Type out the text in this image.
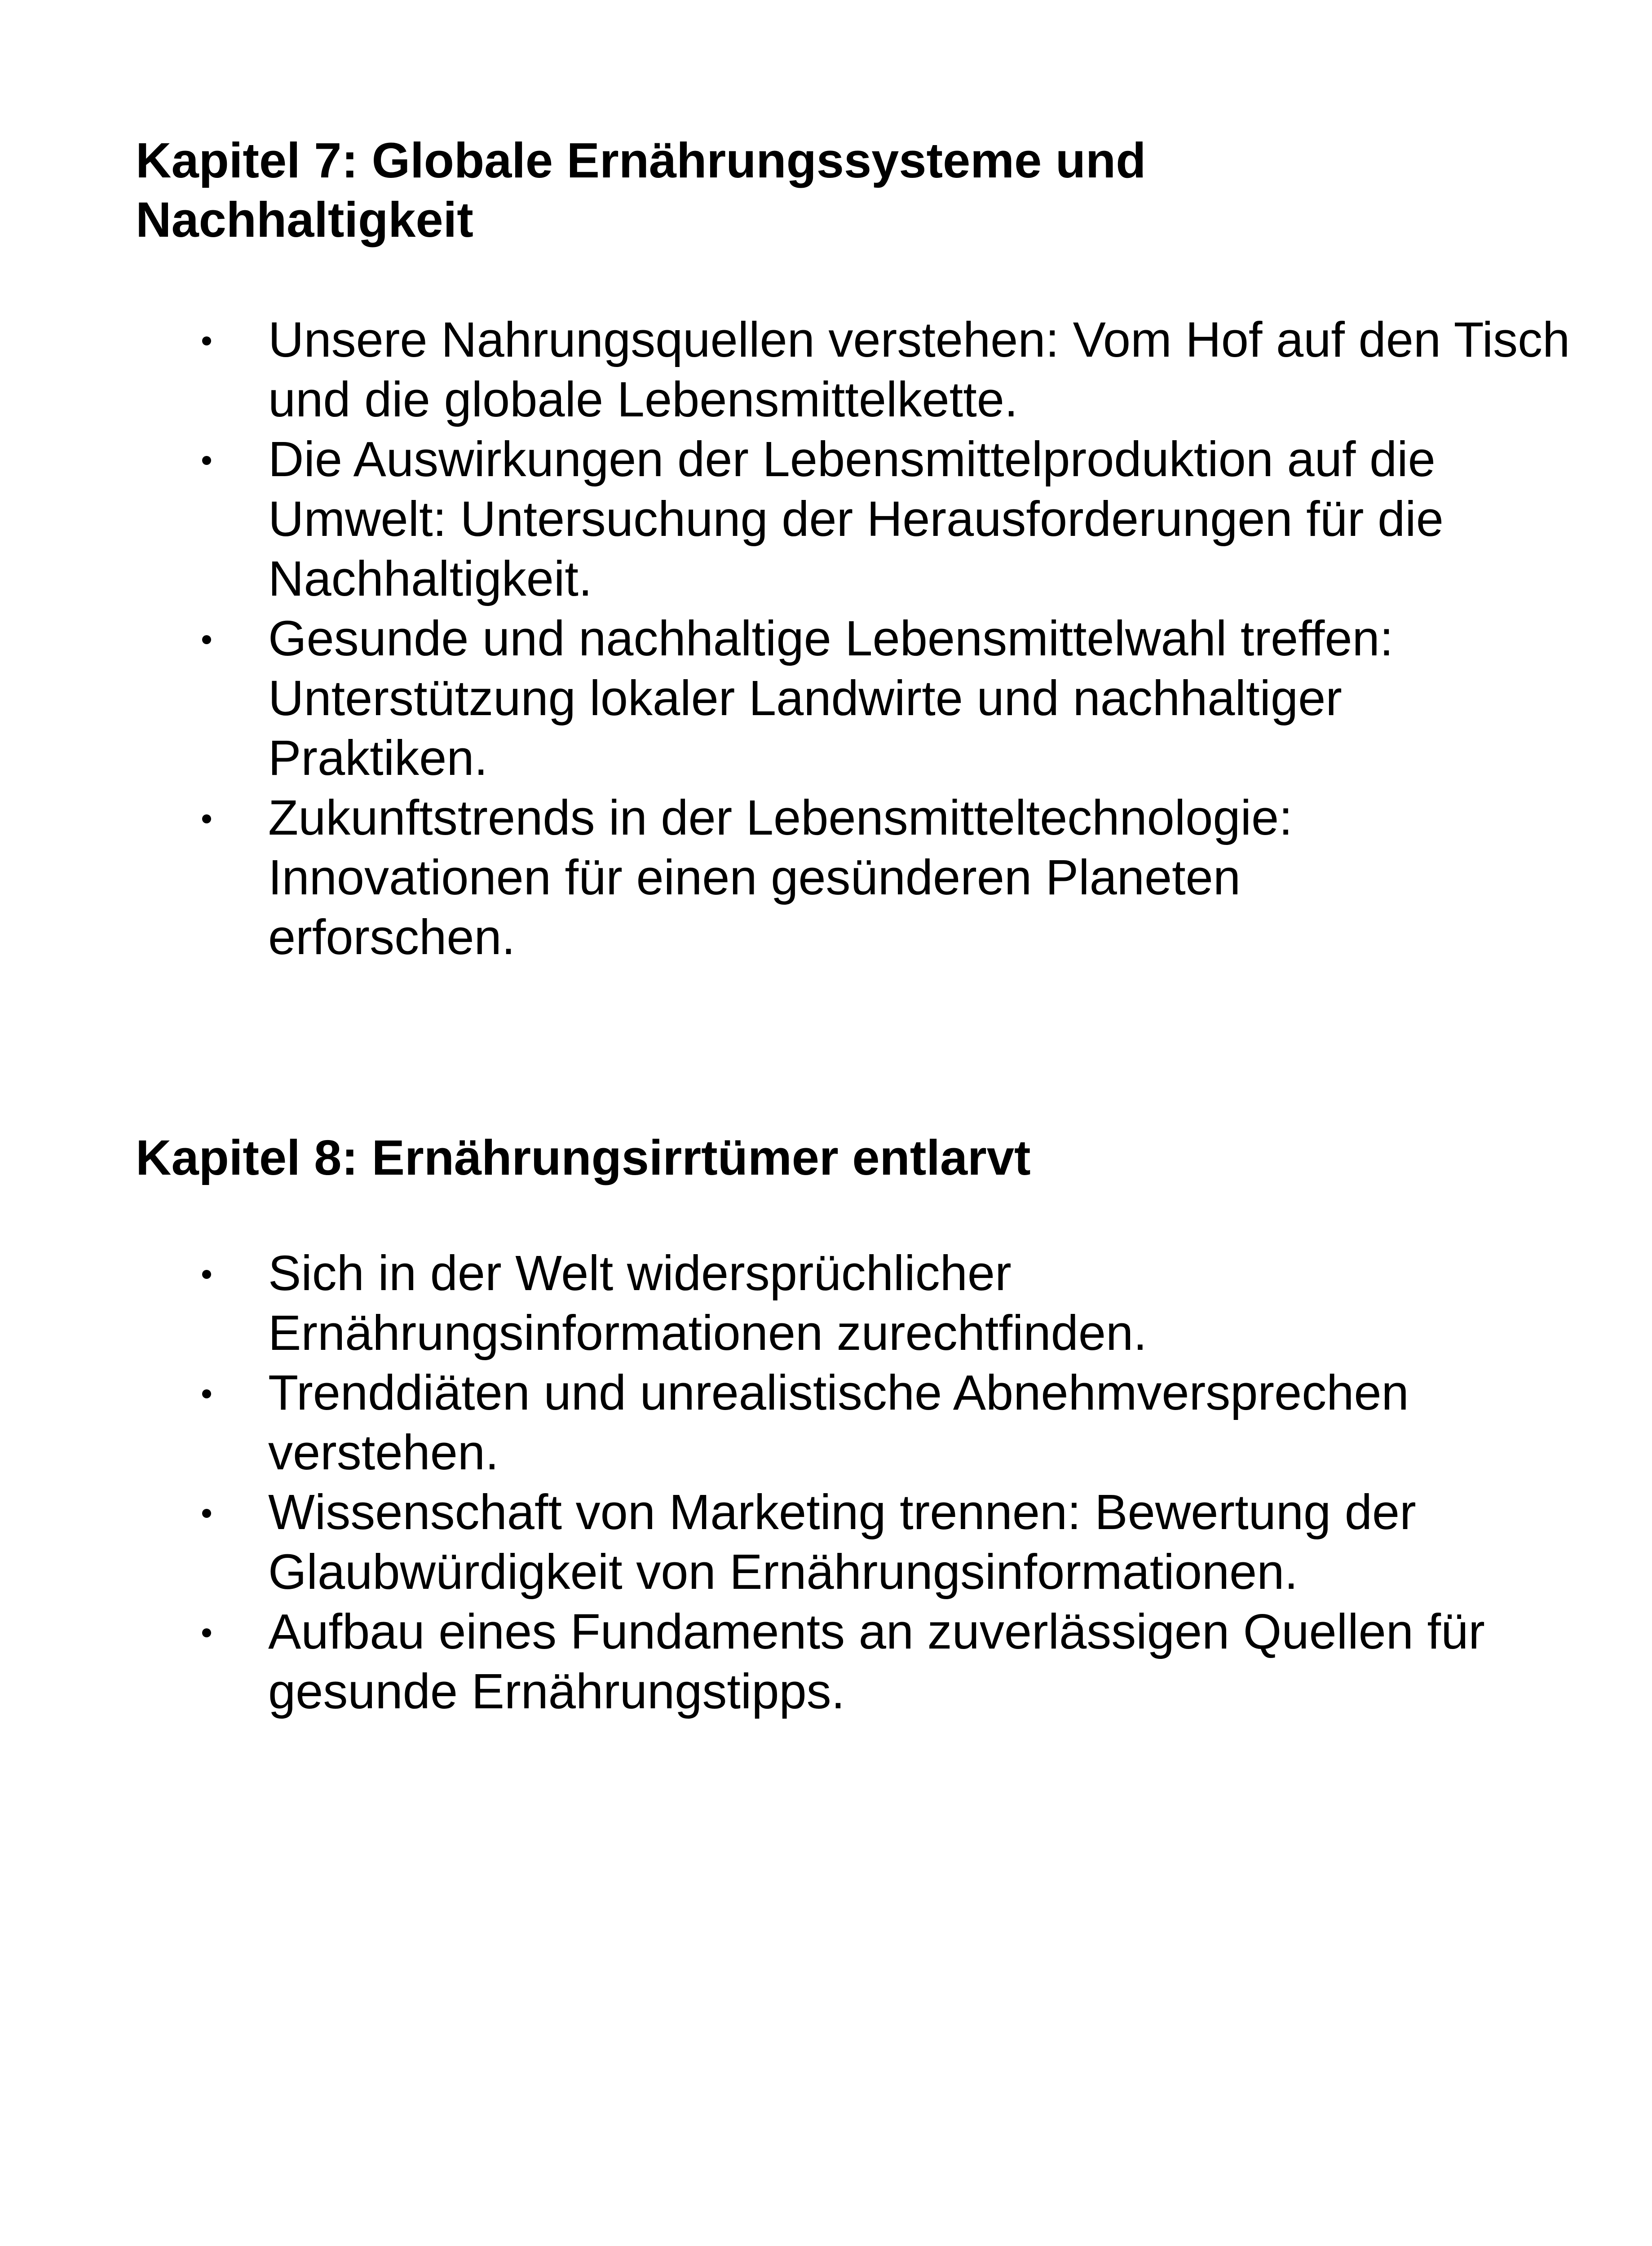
Kapitel 7: Globale Ernährungssysteme und Nachhaltigkeit
Unsere Nahrungsquellen verstehen: Vom Hof auf den Tisch und die globale Lebensmittelkette.
Die Auswirkungen der Lebensmittelproduktion auf die Umwelt: Untersuchung der Herausforderungen für die Nachhaltigkeit.
Gesunde und nachhaltige Lebensmittelwahl treffen: Unterstützung lokaler Landwirte und nachhaltiger Praktiken.
Zukunftstrends in der Lebensmitteltechnologie: Innovationen für einen gesünderen Planeten erforschen.
Kapitel 8: Ernährungsirrtümer entlarvt
Sich in der Welt widersprüchlicher Ernährungsinformationen zurechtfinden.
Trenddiäten und unrealistische Abnehmversprechen verstehen.
Wissenschaft von Marketing trennen: Bewertung der Glaubwürdigkeit von Ernährungsinformationen.
Aufbau eines Fundaments an zuverlässigen Quellen für gesunde Ernährungstipps.
